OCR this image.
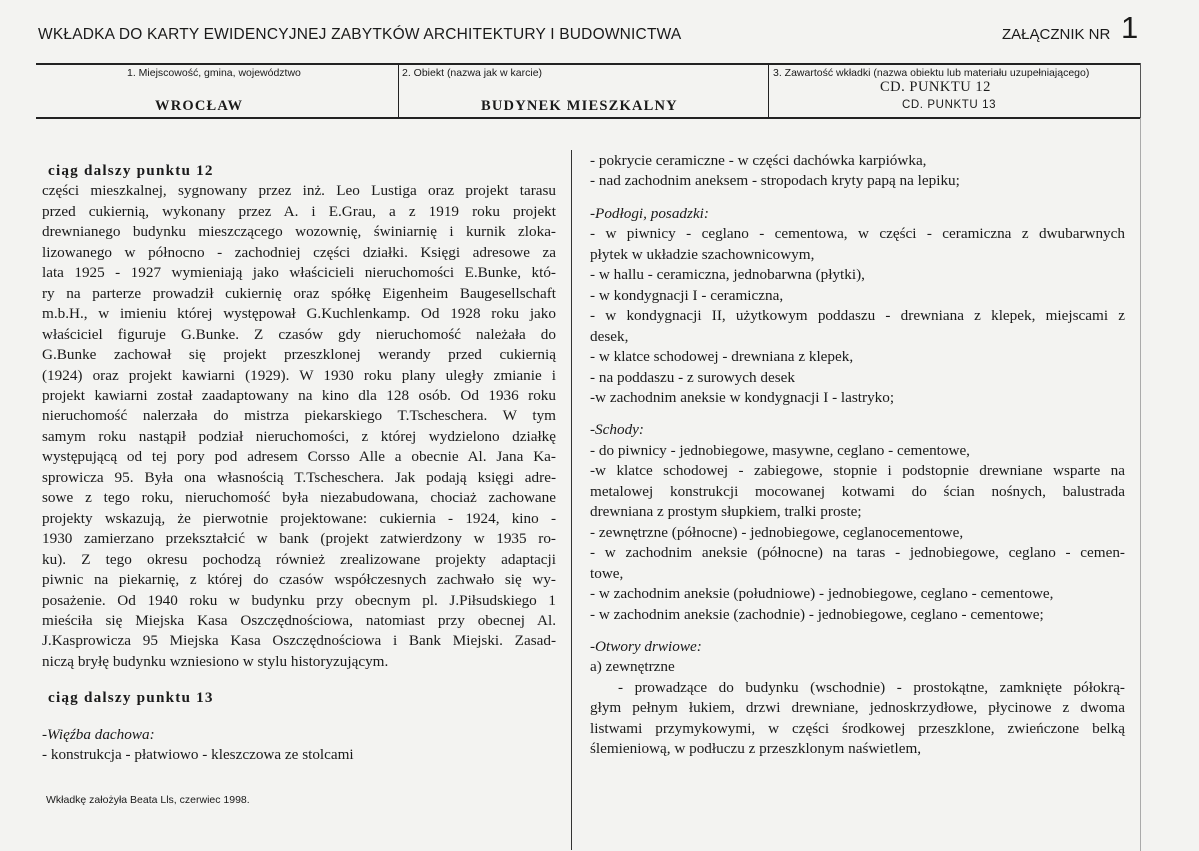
WKŁADKA DO KARTY EWIDENCYJNEJ ZABYTKÓW ARCHITEKTURY I BUDOWNICTWA	ZAŁĄCZNIK NR 1
1. Miejscowość, gmina, województwo
WROCŁAW
2. Obiekt (nazwa jak w karcie)
BUDYNEK MIESZKALNY
3. Zawartość wkładki (nazwa obiektu lub materiału uzupełniającego)
CD. PUNKTU 12
CD. PUNKTU 13
ciąg dalszy punktu 12
części mieszkalnej, sygnowany przez inż. Leo Lustiga oraz projekt tarasu
przed cukiernią, wykonany przez A. i E.Grau, a z 1919 roku projekt
drewnianego budynku mieszczącego wozownię, świniarnię i kurnik zloka-
lizowanego w północno - zachodniej części działki. Księgi adresowe za
lata 1925 - 1927 wymieniają jako właścicieli nieruchomości E.Bunke, któ-
ry na parterze prowadził cukiernię oraz spółkę Eigenheim Baugesellschaft
m.b.H., w imieniu której występował G.Kuchlenkamp. Od 1928 roku jako
właściciel figuruje G.Bunke. Z czasów gdy nieruchomość należała do
G.Bunke zachował się projekt przeszklonej werandy przed cukiernią
(1924) oraz projekt kawiarni (1929). W 1930 roku plany uległy zmianie i
projekt kawiarni został zaadaptowany na kino dla 128 osób. Od 1936 roku
nieruchomość nalerzała do mistrza piekarskiego T.Tscheschera. W tym
samym roku nastąpił podział nieruchomości, z której wydzielono działkę
występującą od tej pory pod adresem Corsso Alle a obecnie Al. Jana Ka-
sprowicza 95. Była ona własnością T.Tscheschera. Jak podają księgi adre-
sowe z tego roku, nieruchomość była niezabudowana, chociaż zachowane
projekty wskazują, że pierwotnie projektowane: cukiernia - 1924, kino -
1930 zamierzano przekształcić w bank (projekt zatwierdzony w 1935 ro-
ku). Z tego okresu pochodzą również zrealizowane projekty adaptacji
piwnic na piekarnię, z której do czasów współczesnych zachwało się wy-
posażenie. Od 1940 roku w budynku przy obecnym pl. J.Piłsudskiego 1
mieściła się Miejska Kasa Oszczędnościowa, natomiast przy obecnej Al.
J.Kasprowicza 95 Miejska Kasa Oszczędnościowa i Bank Miejski. Zasad-
niczą bryłę budynku wzniesiono w stylu historyzującym.
ciąg dalszy punktu 13
-Więźba dachowa:
- konstrukcja - płatwiowo - kleszczowa ze stolcami
- pokrycie ceramiczne - w części dachówka karpiówka,
- nad zachodnim aneksem - stropodach kryty papą na lepiku;
-Podłogi, posadzki:
- w piwnicy - ceglano - cementowa, w części - ceramiczna z dwubarwnych
płytek w układzie szachownicowym,
- w hallu - ceramiczna, jednobarwna (płytki),
- w kondygnacji I - ceramiczna,
- w kondygnacji II, użytkowym poddaszu - drewniana z klepek, miejscami z
desek,
- w klatce schodowej - drewniana z klepek,
- na poddaszu - z surowych desek
-w zachodnim aneksie w kondygnacji I - lastryko;
-Schody:
- do piwnicy - jednobiegowe, masywne, ceglano - cementowe,
-w klatce schodowej - zabiegowe, stopnie i podstopnie drewniane wsparte na
metalowej konstrukcji mocowanej kotwami do ścian nośnych, balustrada
drewniana z prostym słupkiem, tralki proste;
- zewnętrzne (północne) - jednobiegowe, ceglanocementowe,
- w zachodnim aneksie (północne) na taras - jednobiegowe, ceglano - cemen-
towe,
- w zachodnim aneksie (południowe) - jednobiegowe, ceglano - cementowe,
- w zachodnim aneksie (zachodnie) - jednobiegowe, ceglano - cementowe;
-Otwory drwiowe:
a) zewnętrzne
- prowadzące do budynku (wschodnie) - prostokątne, zamknięte półokrą-
głym pełnym łukiem, drzwi drewniane, jednoskrzydłowe, płycinowe z dwoma
listwami przymykowymi, w części środkowej przeszklone, zwieńczone belką
ślemieniową, w podłuczu z przeszklonym naświetlem,
Wkładkę założyła Beata Lls, czerwiec 1998.
